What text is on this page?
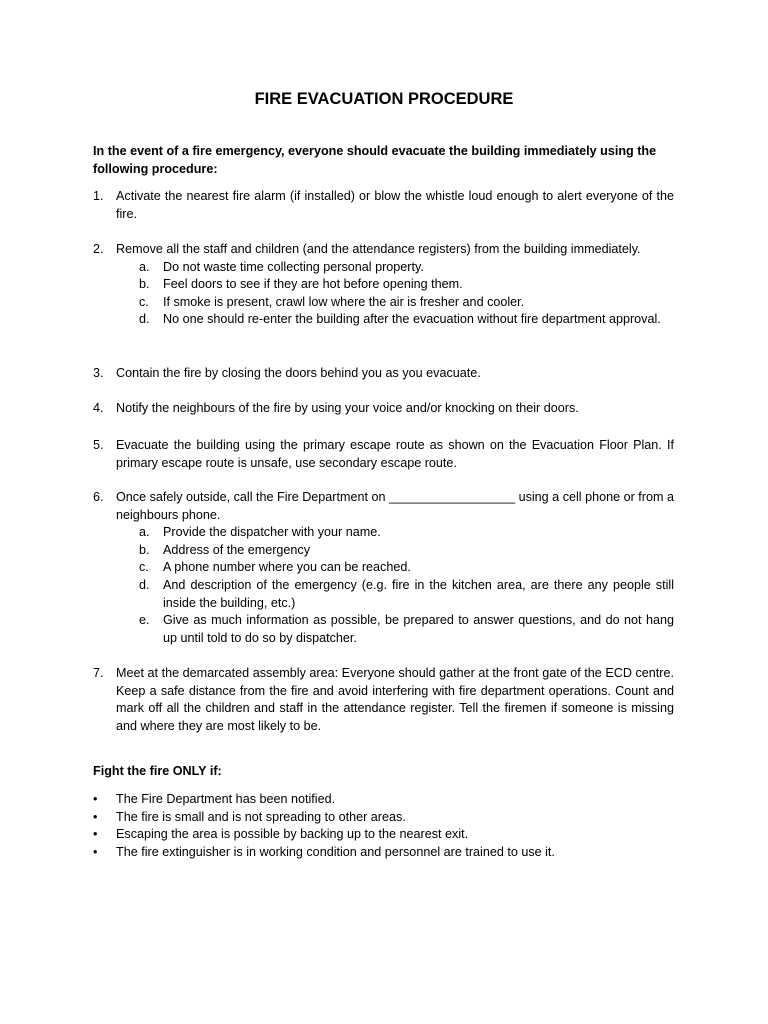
FIRE EVACUATION PROCEDURE
In the event of a fire emergency, everyone should evacuate the building immediately using the following procedure:
1. Activate the nearest fire alarm (if installed) or blow the whistle loud enough to alert everyone of the fire.
2. Remove all the staff and children (and the attendance registers) from the building immediately.
a. Do not waste time collecting personal property.
b. Feel doors to see if they are hot before opening them.
c. If smoke is present, crawl low where the air is fresher and cooler.
d. No one should re-enter the building after the evacuation without fire department approval.
3. Contain the fire by closing the doors behind you as you evacuate.
4. Notify the neighbours of the fire by using your voice and/or knocking on their doors.
5. Evacuate the building using the primary escape route as shown on the Evacuation Floor Plan. If primary escape route is unsafe, use secondary escape route.
6. Once safely outside, call the Fire Department on __________________ using a cell phone or from a neighbours phone.
a. Provide the dispatcher with your name.
b. Address of the emergency
c. A phone number where you can be reached.
d. And description of the emergency (e.g. fire in the kitchen area, are there any people still inside the building, etc.)
e. Give as much information as possible, be prepared to answer questions, and do not hang up until told to do so by dispatcher.
7. Meet at the demarcated assembly area: Everyone should gather at the front gate of the ECD centre. Keep a safe distance from the fire and avoid interfering with fire department operations. Count and mark off all the children and staff in the attendance register. Tell the firemen if someone is missing and where they are most likely to be.
Fight the fire ONLY if:
• The Fire Department has been notified.
• The fire is small and is not spreading to other areas.
• Escaping the area is possible by backing up to the nearest exit.
• The fire extinguisher is in working condition and personnel are trained to use it.
